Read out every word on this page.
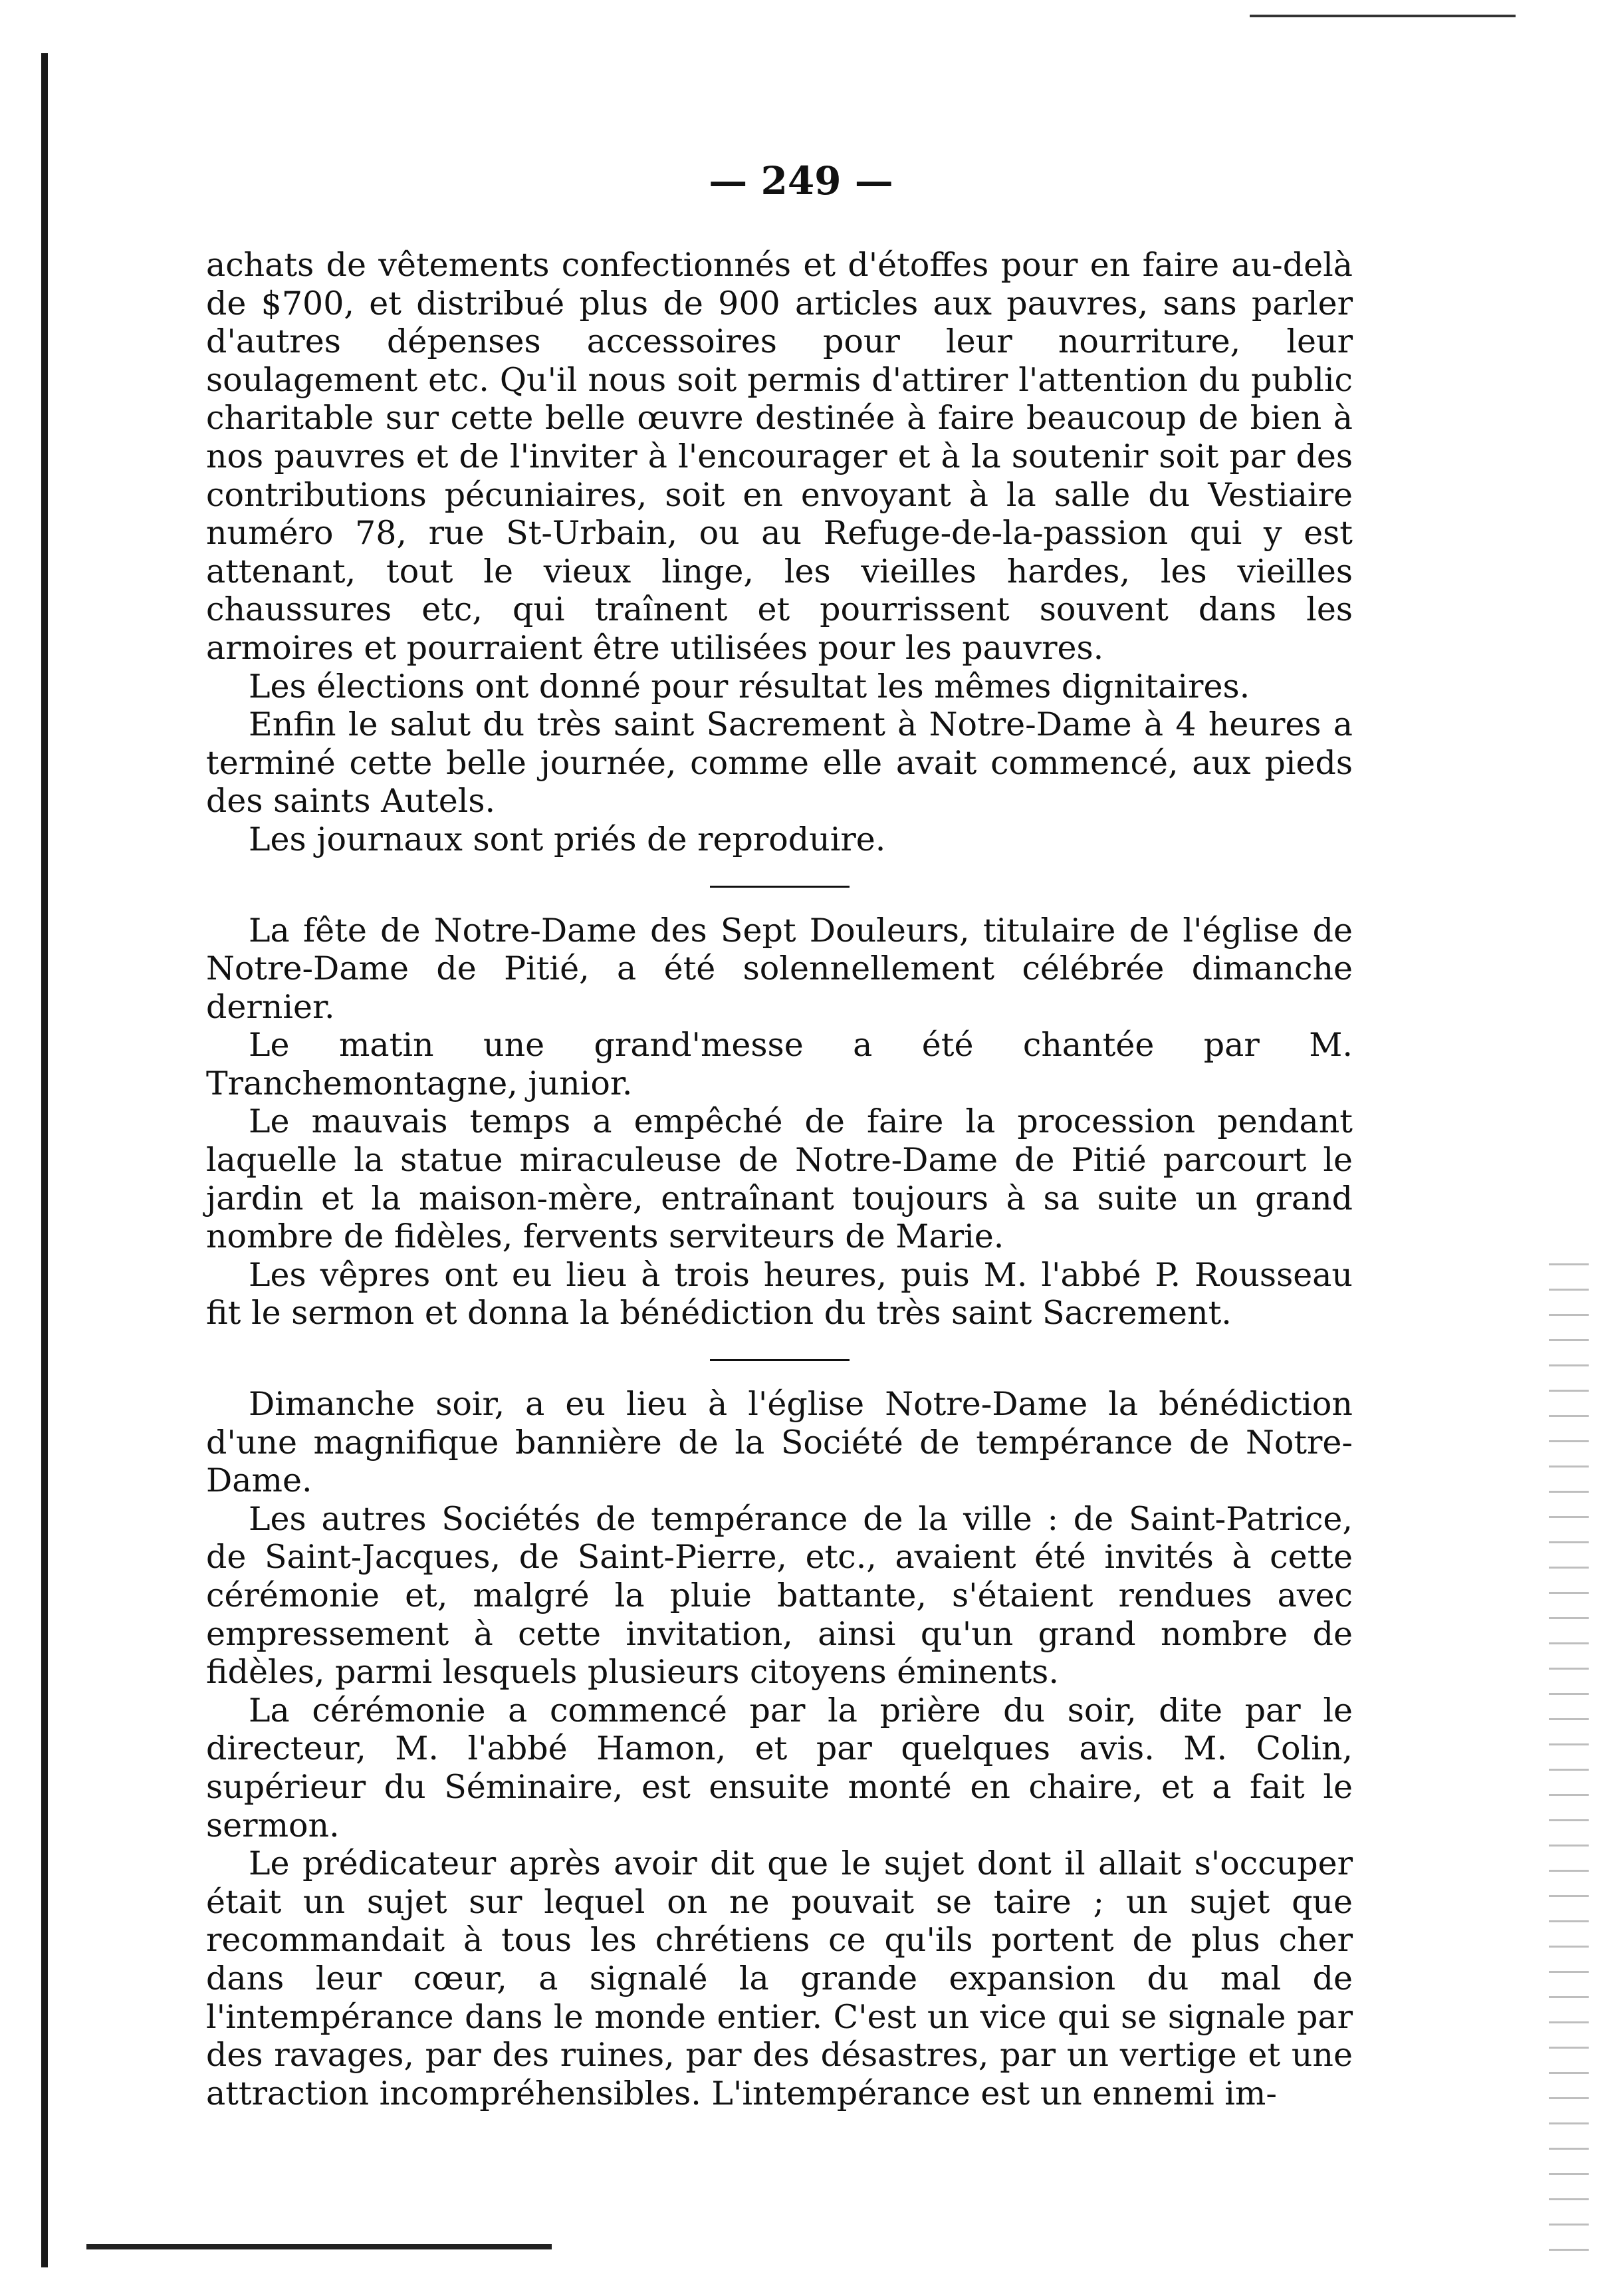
— 249 —

achats de vêtements confectionnés et d'étoffes pour en faire au-delà de $700, et distribué plus de 900 articles aux pauvres, sans parler d'autres dépenses accessoires pour leur nourriture, leur soulagement etc. Qu'il nous soit permis d'attirer l'attention du public charitable sur cette belle œuvre destinée à faire beaucoup de bien à nos pauvres et de l'inviter à l'encourager et à la soutenir soit par des contributions pécuniaires, soit en envoyant à la salle du Vestiaire numéro 78, rue St-Urbain, ou au Refuge-de-la-passion qui y est attenant, tout le vieux linge, les vieilles hardes, les vieilles chaussures etc, qui traînent et pourrissent souvent dans les armoires et pourraient être utilisées pour les pauvres.

Les élections ont donné pour résultat les mêmes dignitaires.

Enfin le salut du très saint Sacrement à Notre-Dame à 4 heures a terminé cette belle journée, comme elle avait commencé, aux pieds des saints Autels.

Les journaux sont priés de reproduire.

La fête de Notre-Dame des Sept Douleurs, titulaire de l'église de Notre-Dame de Pitié, a été solennellement célébrée dimanche dernier.

Le matin une grand'messe a été chantée par M. Tranchemontagne, junior.

Le mauvais temps a empêché de faire la procession pendant laquelle la statue miraculeuse de Notre-Dame de Pitié parcourt le jardin et la maison-mère, entraînant toujours à sa suite un grand nombre de fidèles, fervents serviteurs de Marie.

Les vêpres ont eu lieu à trois heures, puis M. l'abbé P. Rousseau fit le sermon et donna la bénédiction du très saint Sacrement.

Dimanche soir, a eu lieu à l'église Notre-Dame la bénédiction d'une magnifique bannière de la Société de tempérance de Notre-Dame.

Les autres Sociétés de tempérance de la ville : de Saint-Patrice, de Saint-Jacques, de Saint-Pierre, etc., avaient été invités à cette cérémonie et, malgré la pluie battante, s'étaient rendues avec empressement à cette invitation, ainsi qu'un grand nombre de fidèles, parmi lesquels plusieurs citoyens éminents.

La cérémonie a commencé par la prière du soir, dite par le directeur, M. l'abbé Hamon, et par quelques avis. M. Colin, supérieur du Séminaire, est ensuite monté en chaire, et a fait le sermon.

Le prédicateur après avoir dit que le sujet dont il allait s'occuper était un sujet sur lequel on ne pouvait se taire ; un sujet que recommandait à tous les chrétiens ce qu'ils portent de plus cher dans leur cœur, a signalé la grande expansion du mal de l'intempérance dans le monde entier. C'est un vice qui se signale par des ravages, par des ruines, par des désastres, par un vertige et une attraction incompréhensibles. L'intempérance est un ennemi im-
